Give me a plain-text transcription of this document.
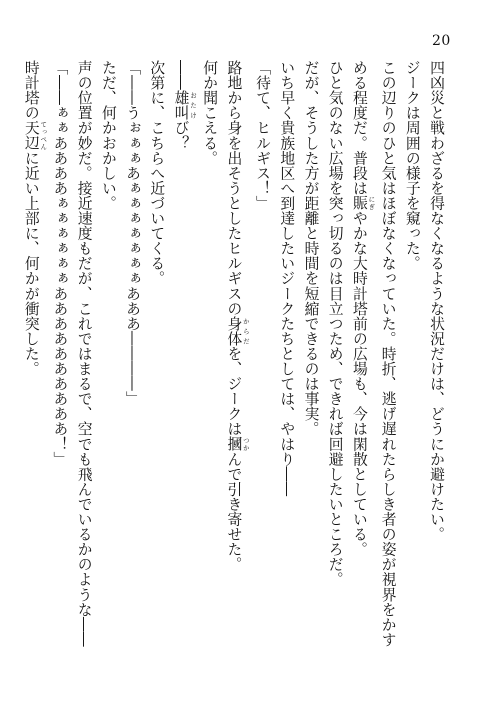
20
四凶災と戦わざるを得なくなるような状況だけは、どうにか避けたい。
ジークは周囲の様子を窺った。
この辺りのひと気はほぼなくなっていた。時折、逃げ遅れたらしき者の姿が視界をかす
める程度だ。普段は賑 にぎやかな大時計塔前の広場も、今は閑散としている。
ひと気のない広場を突っ切るのは目立つため、できれば回避したいところだ。
だが、そうした方が距離と時間を短縮できるのは事実。
いち早く貴族地区へ到達したいジークたちとしては、やはり――
「待て、ヒルギス！」
路地から身を出そうとしたヒルギスの身体 からだを、ジークは摑 つかんで引き寄せた。
何か聞こえる。
――雄叫 おたけび？
次第に、こちらへ近づいてくる。
「――うぉぁぁあぁぁぁぁぁぁぁあああ――――」
ただ、何かおかしい。
声の位置が妙だ。接近速度もだが、これではまるで、空でも飛んでいるかのような――
「――ぁぁああああぁぁぁぁぁぁああああああああああ！」
時計塔の天辺 てっぺんに近い上部に、何かが衝突した。
